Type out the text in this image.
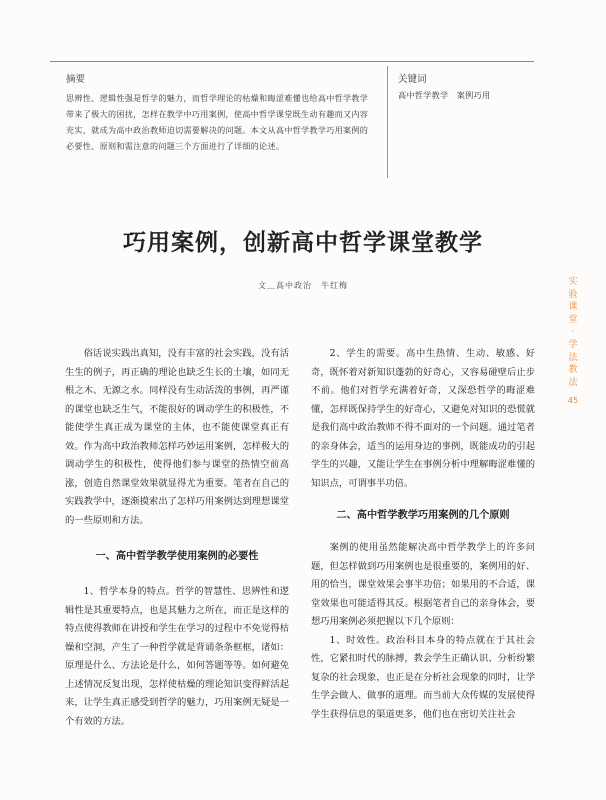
摘要
思辨性、逻辑性强是哲学的魅力，而哲学理论的枯燥和晦涩难懂也给高中哲学教学带来了极大的困扰，怎样在教学中巧用案例，使高中哲学课堂既生动有趣而又内容充实，就成为高中政治教师迫切需要解决的问题。本文从高中哲学教学巧用案例的必要性、原则和需注意的问题三个方面进行了详细的论述。
关键词
高中哲学教学　案例巧用
巧用案例，创新高中哲学课堂教学
文＿高中政治　牛红梅	实
验
课
堂
·
学
法
教
法
45

俗话说实践出真知，没有丰富的社会实践，没有活生生的例子，再正确的理论也缺乏生长的土壤，如同无根之木、无源之水。同样没有生动活泼的事例，再严谨的课堂也缺乏生气，不能很好的调动学生的积极性，不能使学生真正成为课堂的主体，也不能使课堂真正有效。作为高中政治教师怎样巧妙运用案例，怎样极大的调动学生的积极性，使得他们参与课堂的热情空前高涨，创造自然课堂效果就显得尤为重要。笔者在自己的实践教学中，逐渐摸索出了怎样巧用案例达到理想课堂的一些原则和方法。

一、高中哲学教学使用案例的必要性

1、哲学本身的特点。哲学的智慧性、思辨性和逻辑性是其重要特点，也是其魅力之所在，而正是这样的特点使得教师在讲授和学生在学习的过程中不免觉得枯燥和空洞，产生了一种哲学就是背诵条条框框，诸如：原理是什么、方法论是什么，如何答题等等。如何避免上述情况反复出现，怎样使枯燥的理论知识变得鲜活起来，让学生真正感受到哲学的魅力，巧用案例无疑是一个有效的方法。

2、学生的需要。高中生热情、生动、敏感、好奇，既怀着对新知识蓬勃的好奇心，又容易碰壁后止步不前。他们对哲学充满着好奇，又深恐哲学的晦涩难懂，怎样既保持学生的好奇心，又避免对知识的恐慌就是我们高中政治教师不得不面对的一个问题。通过笔者的亲身体会，适当的运用身边的事例，既能成功的引起学生的兴趣，又能让学生在事例分析中理解晦涩难懂的知识点，可谓事半功倍。

二、高中哲学教学巧用案例的几个原则

案例的使用虽然能解决高中哲学教学上的许多问题，但怎样做到巧用案例也是很重要的，案例用的好、用的恰当，课堂效果会事半功倍；如果用的不合适，课堂效果也可能适得其反。根据笔者自己的亲身体会，要想巧用案例必须把握以下几个原则：

1、时效性。政治科目本身的特点就在于其社会性，它紧扣时代的脉搏，教会学生正确认识、分析纷繁复杂的社会现象，也正是在分析社会现象的同时，让学生学会做人、做事的道理。而当前大众传媒的发展使得学生获得信息的渠道更多，他们也在密切关注社会
